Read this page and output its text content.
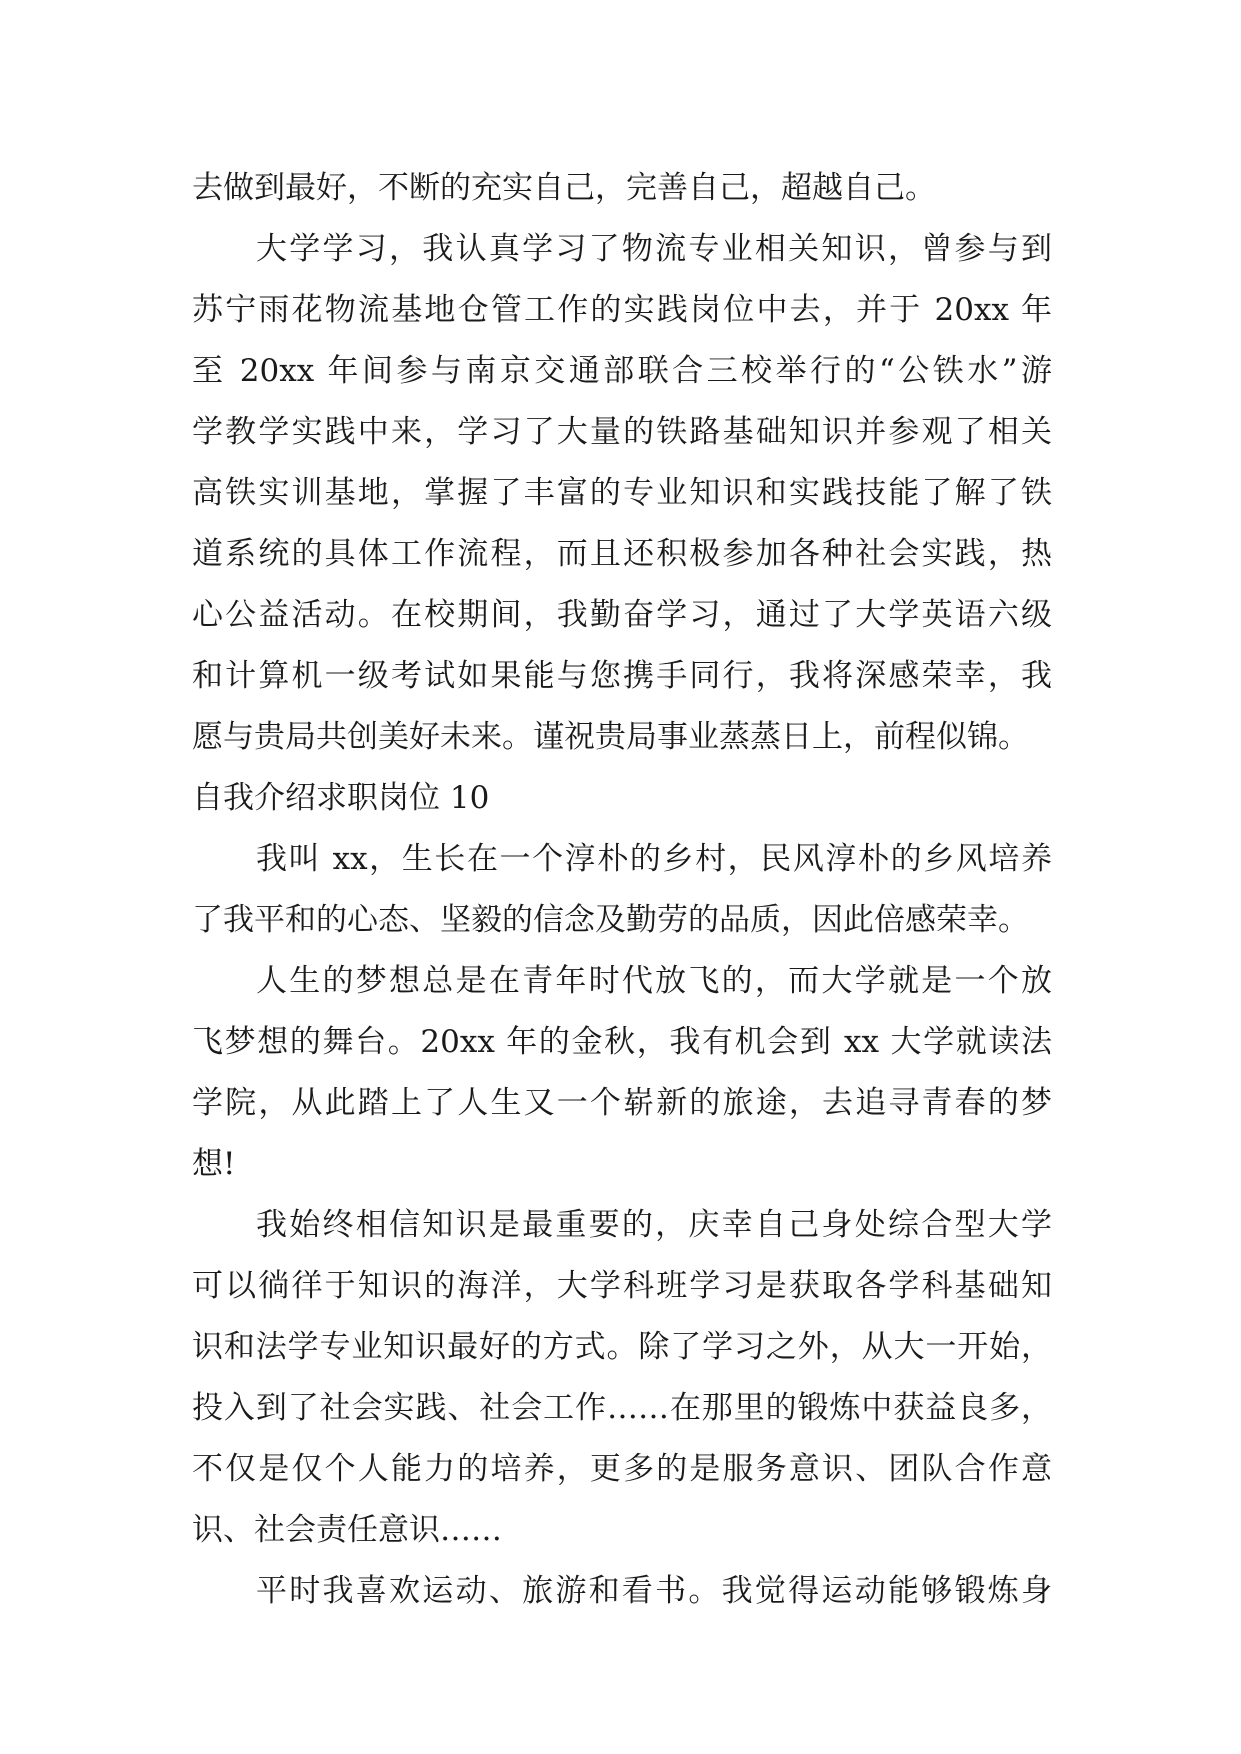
去做到最好，不断的充实自己，完善自己，超越自己。
大学学习，我认真学习了物流专业相关知识，曾参与到
苏宁雨花物流基地仓管工作的实践岗位中去，并于 20xx 年
至 20xx 年间参与南京交通部联合三校举行的“公铁水”游
学教学实践中来，学习了大量的铁路基础知识并参观了相关
高铁实训基地，掌握了丰富的专业知识和实践技能了解了铁
道系统的具体工作流程，而且还积极参加各种社会实践，热
心公益活动。在校期间，我勤奋学习，通过了大学英语六级
和计算机一级考试如果能与您携手同行，我将深感荣幸，我
愿与贵局共创美好未来。谨祝贵局事业蒸蒸日上，前程似锦。
自我介绍求职岗位 10
我叫 xx，生长在一个淳朴的乡村，民风淳朴的乡风培养
了我平和的心态、坚毅的信念及勤劳的品质，因此倍感荣幸。
人生的梦想总是在青年时代放飞的，而大学就是一个放
飞梦想的舞台。20xx 年的金秋，我有机会到 xx 大学就读法
学院，从此踏上了人生又一个崭新的旅途，去追寻青春的梦
想!
我始终相信知识是最重要的，庆幸自己身处综合型大学
可以徜徉于知识的海洋，大学科班学习是获取各学科基础知
识和法学专业知识最好的方式。除了学习之外，从大一开始，
投入到了社会实践、社会工作……在那里的锻炼中获益良多，
不仅是仅个人能力的培养，更多的是服务意识、团队合作意
识、社会责任意识……
平时我喜欢运动、旅游和看书。我觉得运动能够锻炼身
